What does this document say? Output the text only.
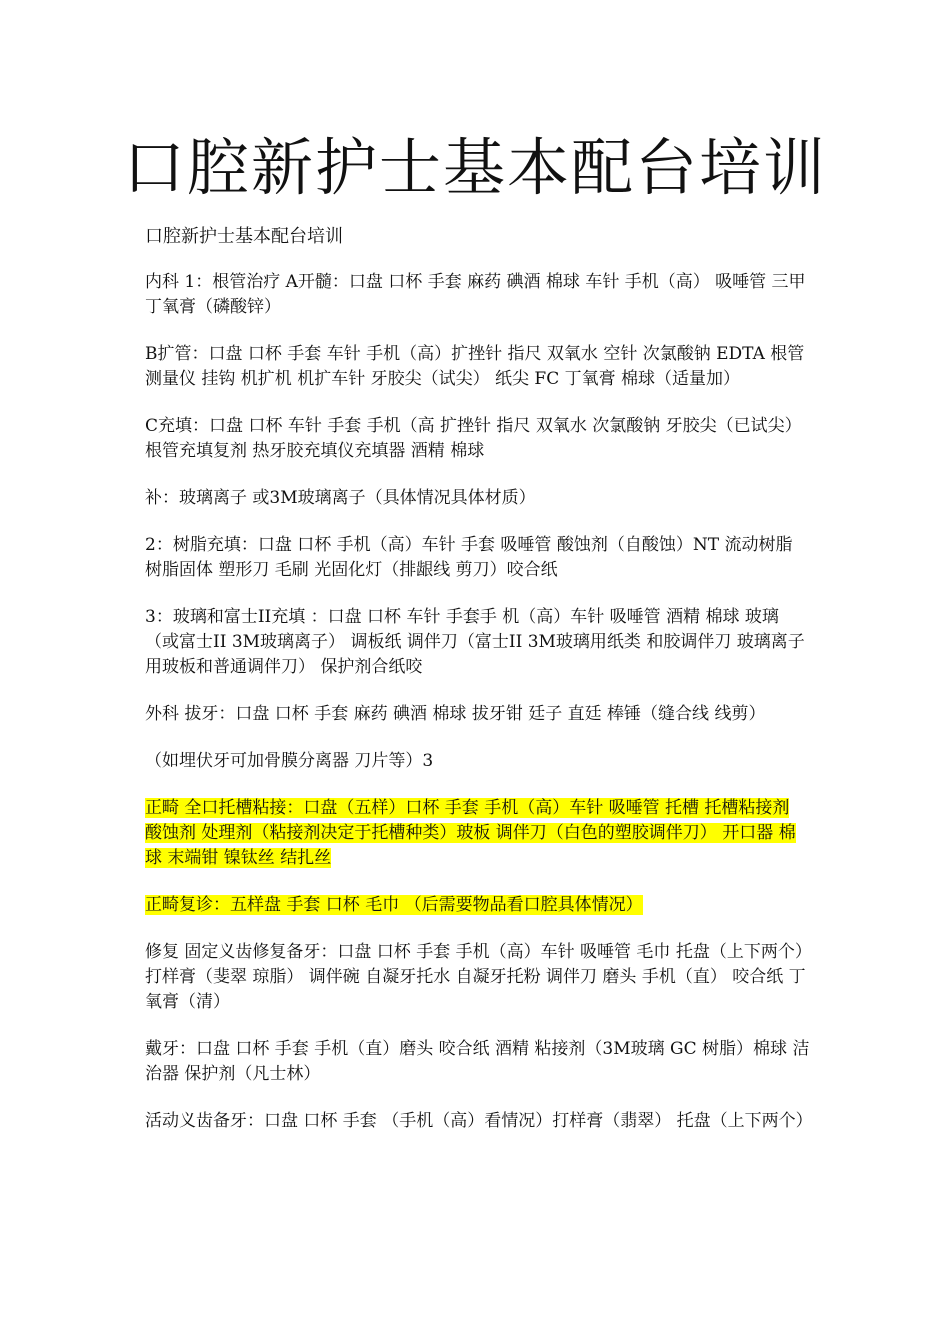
口腔新护士基本配台培训
口腔新护士基本配台培训

内科 1：根管治疗 A开髓：口盘 口杯 手套 麻药 碘酒 棉球 车针 手机（高） 吸唾管 三甲 丁氧膏（磷酸锌）

B扩管：口盘 口杯 手套 车针 手机（高）扩挫针 指尺 双氧水 空针 次氯酸钠 EDTA 根管测量仪 挂钩 机扩机 机扩车针 牙胶尖（试尖） 纸尖 FC 丁氧膏 棉球（适量加）

C充填：口盘 口杯 车针 手套 手机（高 扩挫针 指尺 双氧水 次氯酸钠 牙胶尖（已试尖）根管充填复剂 热牙胶充填仪充填器 酒精 棉球

补：玻璃离子 或3M玻璃离子（具体情况具体材质）

2：树脂充填：口盘 口杯 手机（高）车针 手套 吸唾管 酸蚀剂（自酸蚀）NT 流动树脂 树脂固体 塑形刀 毛刷 光固化灯（排龈线 剪刀）咬合纸

3：玻璃和富士II充填 ：口盘 口杯 车针 手套手 机（高）车针 吸唾管 酒精 棉球 玻璃（或富士II 3M玻璃离子） 调板纸 调伴刀（富士II 3M玻璃用纸类 和胶调伴刀 玻璃离子用玻板和普通调伴刀） 保护剂合纸咬

外科 拔牙：口盘 口杯 手套 麻药 碘酒 棉球 拔牙钳 廷子 直廷 棒锤（缝合线 线剪）

（如埋伏牙可加骨膜分离器 刀片等）3

正畸 全口托槽粘接：口盘（五样）口杯 手套 手机（高）车针 吸唾管 托槽 托槽粘接剂 酸蚀剂 处理剂（粘接剂决定于托槽种类）玻板 调伴刀（白色的塑胶调伴刀） 开口器 棉球 末端钳 镍钛丝 结扎丝

正畸复诊：五样盘 手套 口杯 毛巾 （后需要物品看口腔具体情况）

修复 固定义齿修复备牙：口盘 口杯 手套 手机（高）车针 吸唾管 毛巾 托盘（上下两个）打样膏（斐翠 琼脂） 调伴碗 自凝牙托水 自凝牙托粉 调伴刀 磨头 手机（直） 咬合纸 丁氧膏（清）

戴牙：口盘 口杯 手套 手机（直）磨头 咬合纸 酒精 粘接剂（3M玻璃 GC 树脂）棉球 洁治器 保护剂（凡士林）

活动义齿备牙：口盘 口杯 手套 （手机（高）看情况）打样膏（翡翠） 托盘（上下两个）
